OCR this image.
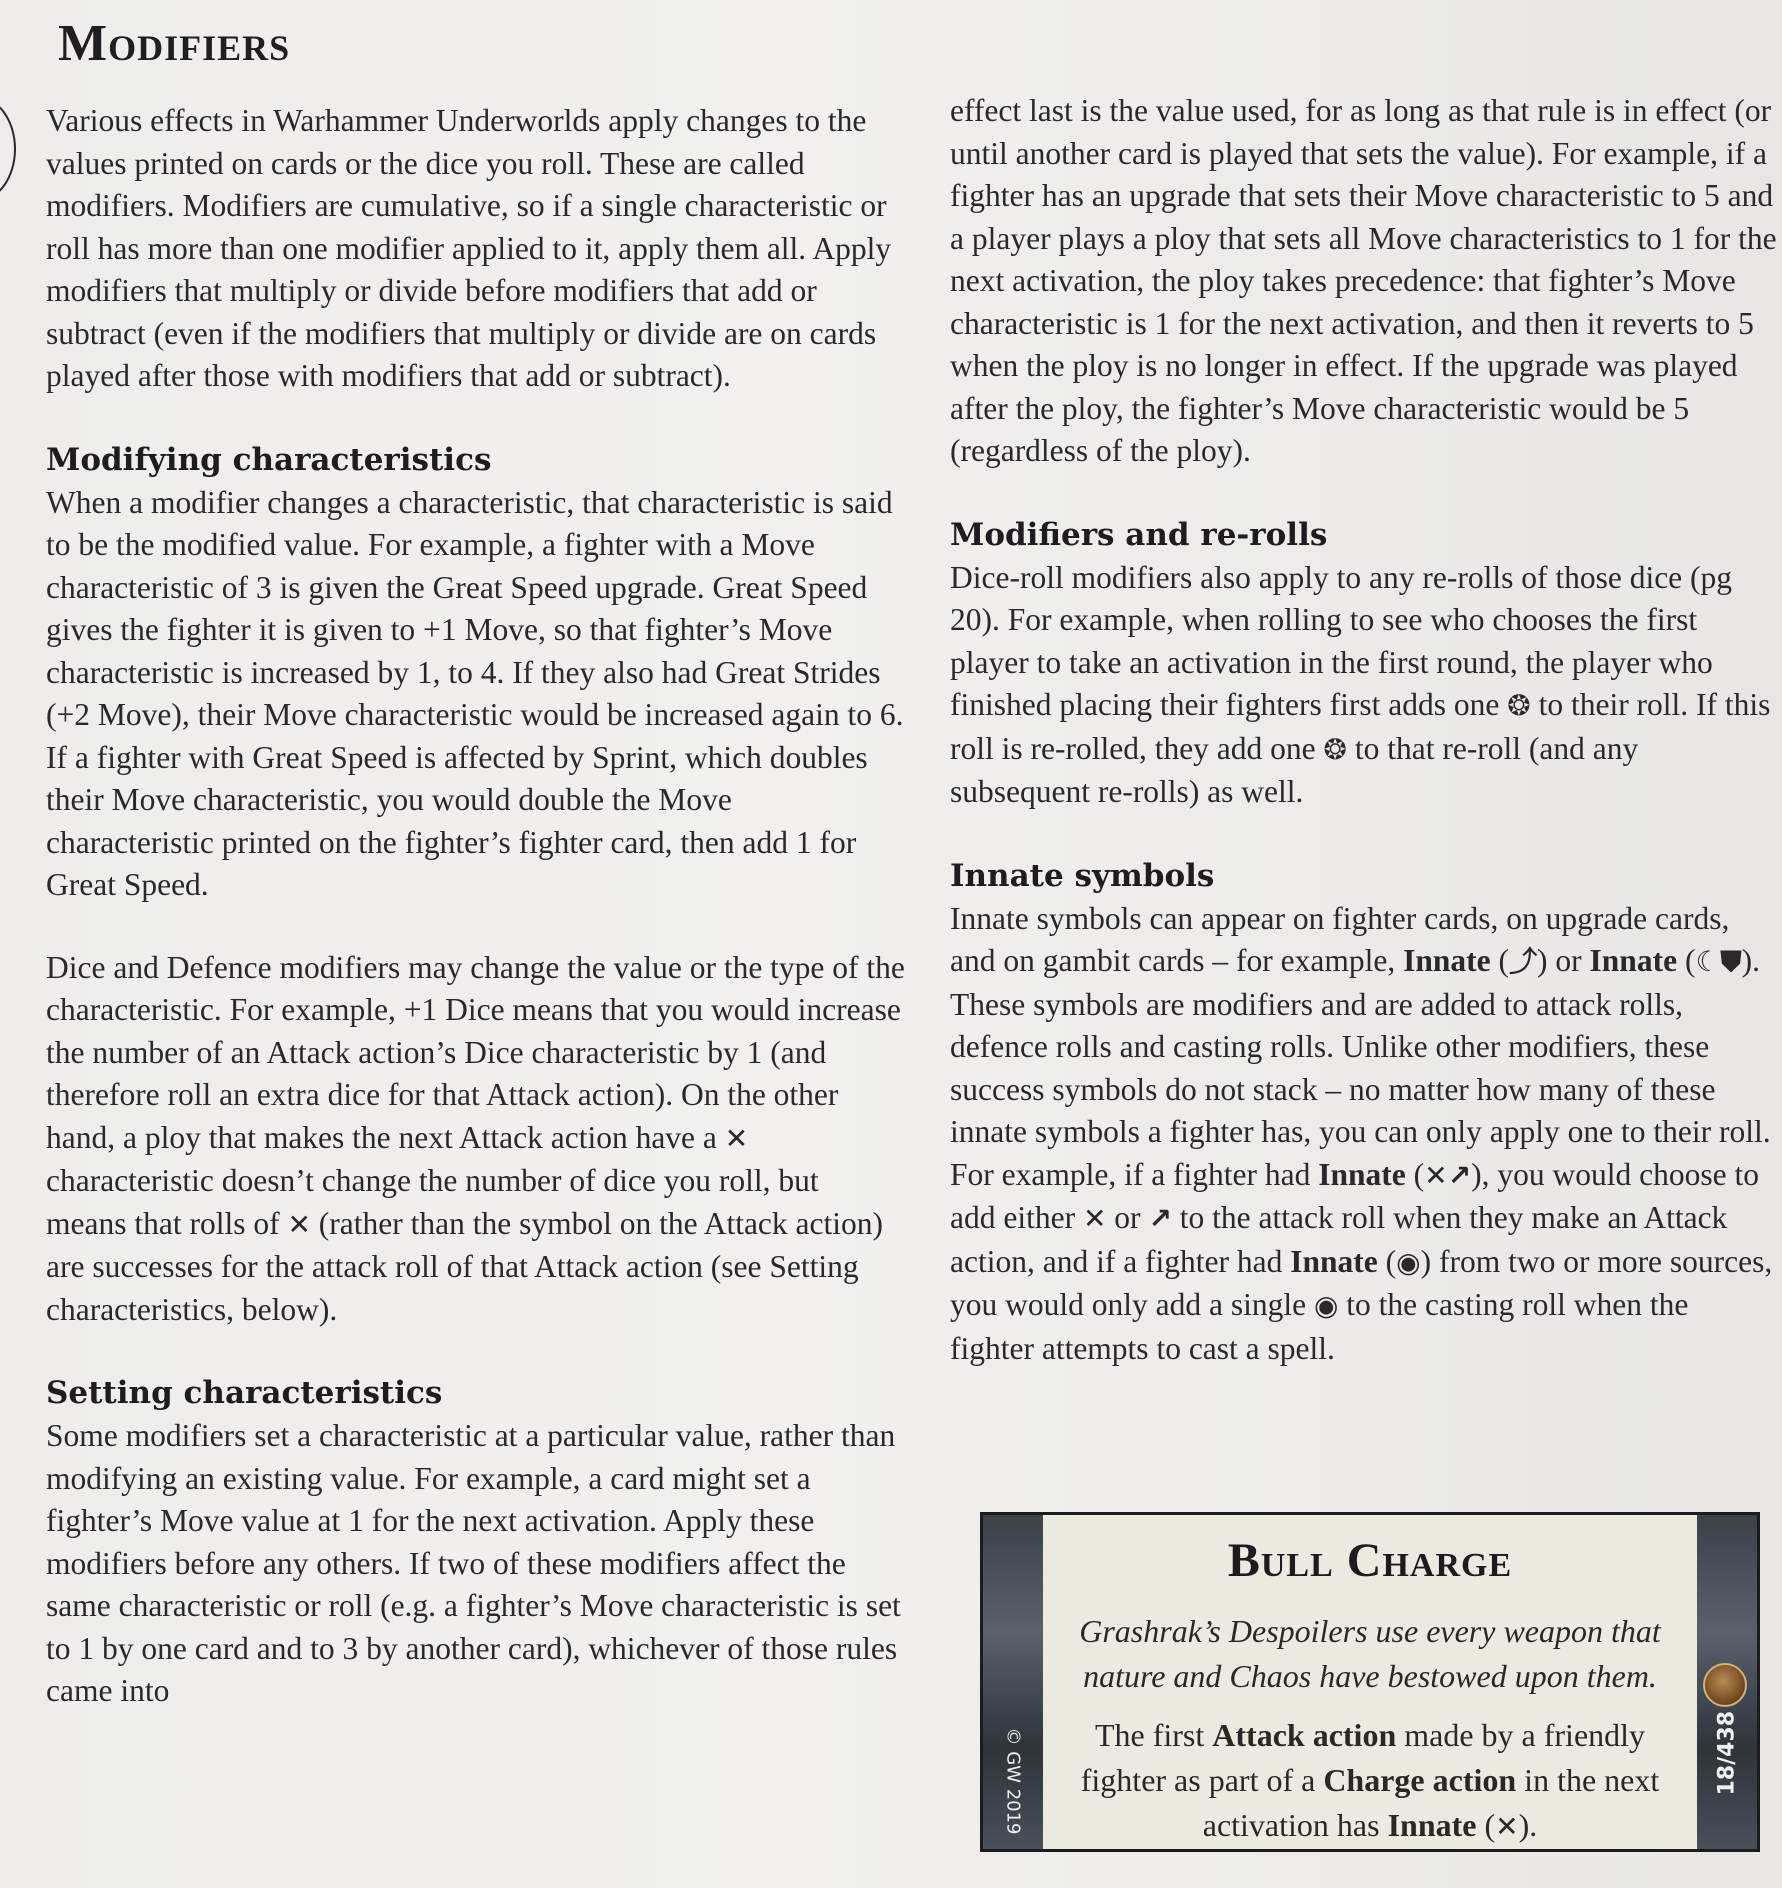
Modifiers

Various effects in Warhammer Underworlds apply changes to the values printed on cards or the dice you roll. These are called modifiers. Modifiers are cumulative, so if a single characteristic or roll has more than one modifier applied to it, apply them all. Apply modifiers that multiply or divide before modifiers that add or subtract (even if the modifiers that multiply or divide are on cards played after those with modifiers that add or subtract).

Modifying characteristics

When a modifier changes a characteristic, that characteristic is said to be the modified value. For example, a fighter with a Move characteristic of 3 is given the Great Speed upgrade. Great Speed gives the fighter it is given to +1 Move, so that fighter’s Move characteristic is increased by 1, to 4. If they also had Great Strides (+2 Move), their Move characteristic would be increased again to 6. If a fighter with Great Speed is affected by Sprint, which doubles their Move characteristic, you would double the Move characteristic printed on the fighter’s fighter card, then add 1 for Great Speed.

Dice and Defence modifiers may change the value or the type of the characteristic. For example, +1 Dice means that you would increase the number of an Attack action’s Dice characteristic by 1 (and therefore roll an extra dice for that Attack action). On the other hand, a ploy that makes the next Attack action have a ✕ characteristic doesn’t change the number of dice you roll, but means that rolls of ✕ (rather than the symbol on the Attack action) are successes for the attack roll of that Attack action (see Setting characteristics, below).

Setting characteristics

Some modifiers set a characteristic at a particular value, rather than modifying an existing value. For example, a card might set a fighter’s Move value at 1 for the next activation. Apply these modifiers before any others. If two of these modifiers affect the same characteristic or roll (e.g. a fighter’s Move characteristic is set to 1 by one card and to 3 by another card), whichever of those rules came into

effect last is the value used, for as long as that rule is in effect (or until another card is played that sets the value). For example, if a fighter has an upgrade that sets their Move characteristic to 5 and a player plays a ploy that sets all Move characteristics to 1 for the next activation, the ploy takes precedence: that fighter’s Move characteristic is 1 for the next activation, and then it reverts to 5 when the ploy is no longer in effect. If the upgrade was played after the ploy, the fighter’s Move characteristic would be 5 (regardless of the ploy).

Modifiers and re-rolls

Dice-roll modifiers also apply to any re-rolls of those dice (pg 20). For example, when rolling to see who chooses the first player to take an activation in the first round, the player who finished placing their fighters first adds one ❂ to their roll. If this roll is re-rolled, they add one ❂ to that re-roll (and any subsequent re-rolls) as well.

Innate symbols

Innate symbols can appear on fighter cards, on upgrade cards, and on gambit cards – for example, Innate (⤴) or Innate (☾⛊). These symbols are modifiers and are added to attack rolls, defence rolls and casting rolls. Unlike other modifiers, these success symbols do not stack – no matter how many of these innate symbols a fighter has, you can only apply one to their roll. For example, if a fighter had Innate (✕↗), you would choose to add either ✕ or ↗ to the attack roll when they make an Attack action, and if a fighter had Innate (◉) from two or more sources, you would only add a single ◉ to the casting roll when the fighter attempts to cast a spell.

© GW 2019	18/438
Bull Charge
Grashrak’s Despoilers use every weapon that nature and Chaos have bestowed upon them.
The first Attack action made by a friendly fighter as part of a Charge action in the next activation has Innate (✕).
